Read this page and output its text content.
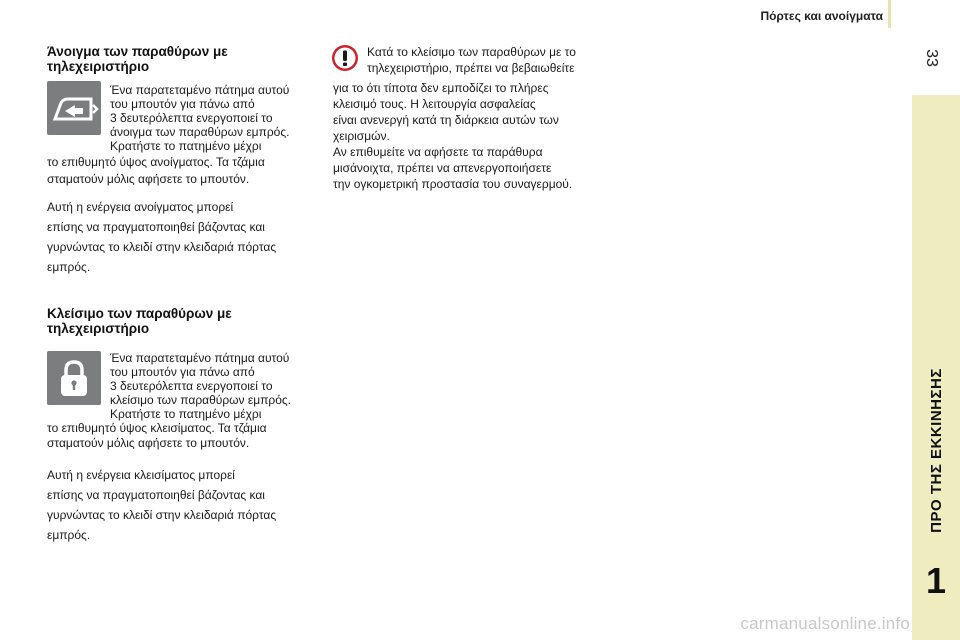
Πόρτες και ανοίγματα
33
ΠΡΟ ΤΗΣ ΕΚΚΙΝΗΣΗΣ
1
Άνοιγμα των παραθύρων με
τηλεχειριστήριο
Ένα παρατεταμένο πάτημα αυτού
του μπουτόν για πάνω από
3 δευτερόλεπτα ενεργοποιεί το
άνοιγμα των παραθύρων εμπρός.
Κρατήστε το πατημένο μέχρι
το επιθυμητό ύψος ανοίγματος. Τα τζάμια
σταματούν μόλις αφήσετε το μπουτόν.
Αυτή η ενέργεια ανοίγματος μπορεί
επίσης να πραγματοποιηθεί βάζοντας και
γυρνώντας το κλειδί στην κλειδαριά πόρτας
εμπρός.
Κλείσιμο των παραθύρων με
τηλεχειριστήριο
Ένα παρατεταμένο πάτημα αυτού
του μπουτόν για πάνω από
3 δευτερόλεπτα ενεργοποιεί το
κλείσιμο των παραθύρων εμπρός.
Κρατήστε το πατημένο μέχρι
το επιθυμητό ύψος κλεισίματος. Τα τζάμια
σταματούν μόλις αφήσετε το μπουτόν.
Αυτή η ενέργεια κλεισίματος μπορεί
επίσης να πραγματοποιηθεί βάζοντας και
γυρνώντας το κλειδί στην κλειδαριά πόρτας
εμπρός.
Κατά το κλείσιμο των παραθύρων με το
τηλεχειριστήριο, πρέπει να βεβαιωθείτε
για το ότι τίποτα δεν εμποδίζει το πλήρες
κλεισιμό τους. Η λειτουργία ασφαλείας
είναι ανενεργή κατά τη διάρκεια αυτών των
χειρισμών.
Αν επιθυμείτε να αφήσετε τα παράθυρα
μισάνοιχτα, πρέπει να απενεργοποιήσετε
την ογκομετρική προστασία του συναγερμού.
carmanualsonline.info
